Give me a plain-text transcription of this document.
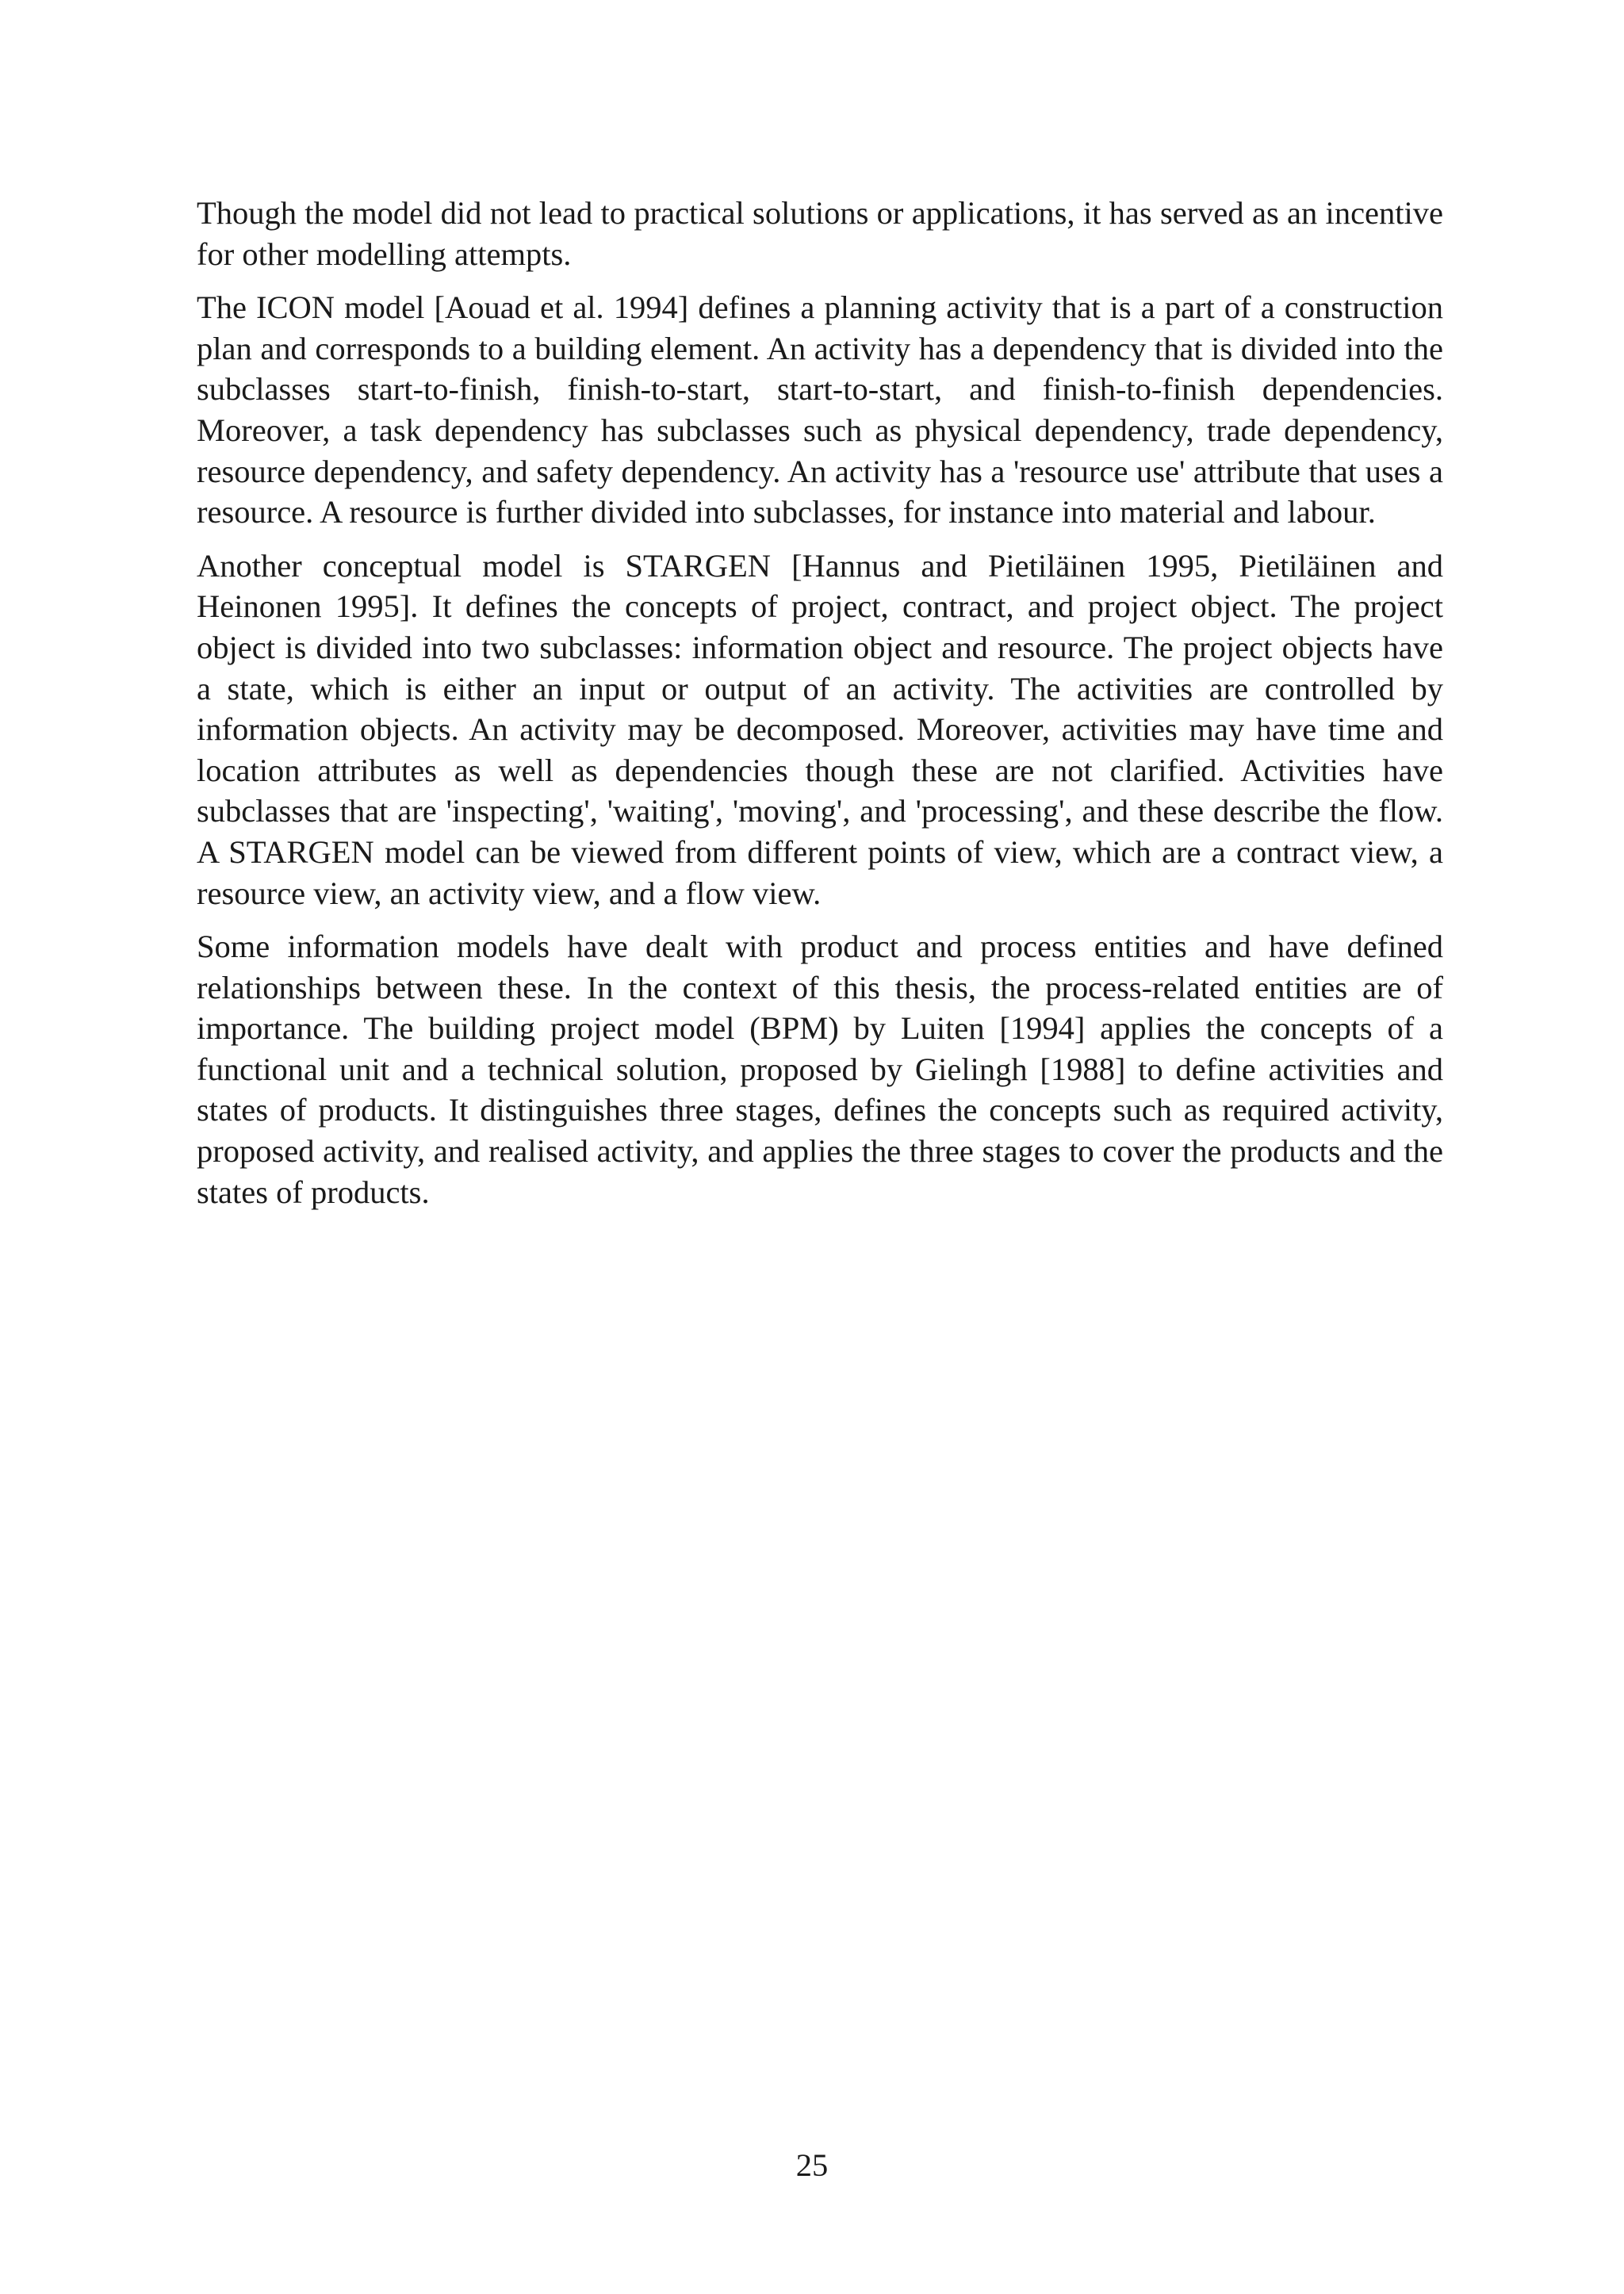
Though the model did not lead to practical solutions or applications, it has served as an incentive for other modelling attempts.

The ICON model [Aouad et al. 1994] defines a planning activity that is a part of a construction plan and corresponds to a building element. An activity has a dependency that is divided into the subclasses start-to-finish, finish-to-start, start-to-start, and finish-to-finish dependencies. Moreover, a task dependency has subclasses such as physical dependency, trade dependency, resource dependency, and safety dependency. An activity has a 'resource use' attribute that uses a resource. A resource is further divided into subclasses, for instance into material and labour.

Another conceptual model is STARGEN [Hannus and Pietiläinen 1995, Pietiläinen and Heinonen 1995]. It defines the concepts of project, contract, and project object. The project object is divided into two subclasses: information object and resource. The project objects have a state, which is either an input or output of an activity. The activities are controlled by information objects. An activity may be decomposed. Moreover, activities may have time and location attributes as well as dependencies though these are not clarified. Activities have subclasses that are 'inspecting', 'waiting', 'moving', and 'processing', and these describe the flow. A STARGEN model can be viewed from different points of view, which are a contract view, a resource view, an activity view, and a flow view.

Some information models have dealt with product and process entities and have defined relationships between these. In the context of this thesis, the process-related entities are of importance. The building project model (BPM) by Luiten [1994] applies the concepts of a functional unit and a technical solution, proposed by Gielingh [1988] to define activities and states of products. It distinguishes three stages, defines the concepts such as required activity, proposed activity, and realised activity, and applies the three stages to cover the products and the states of products.

25
